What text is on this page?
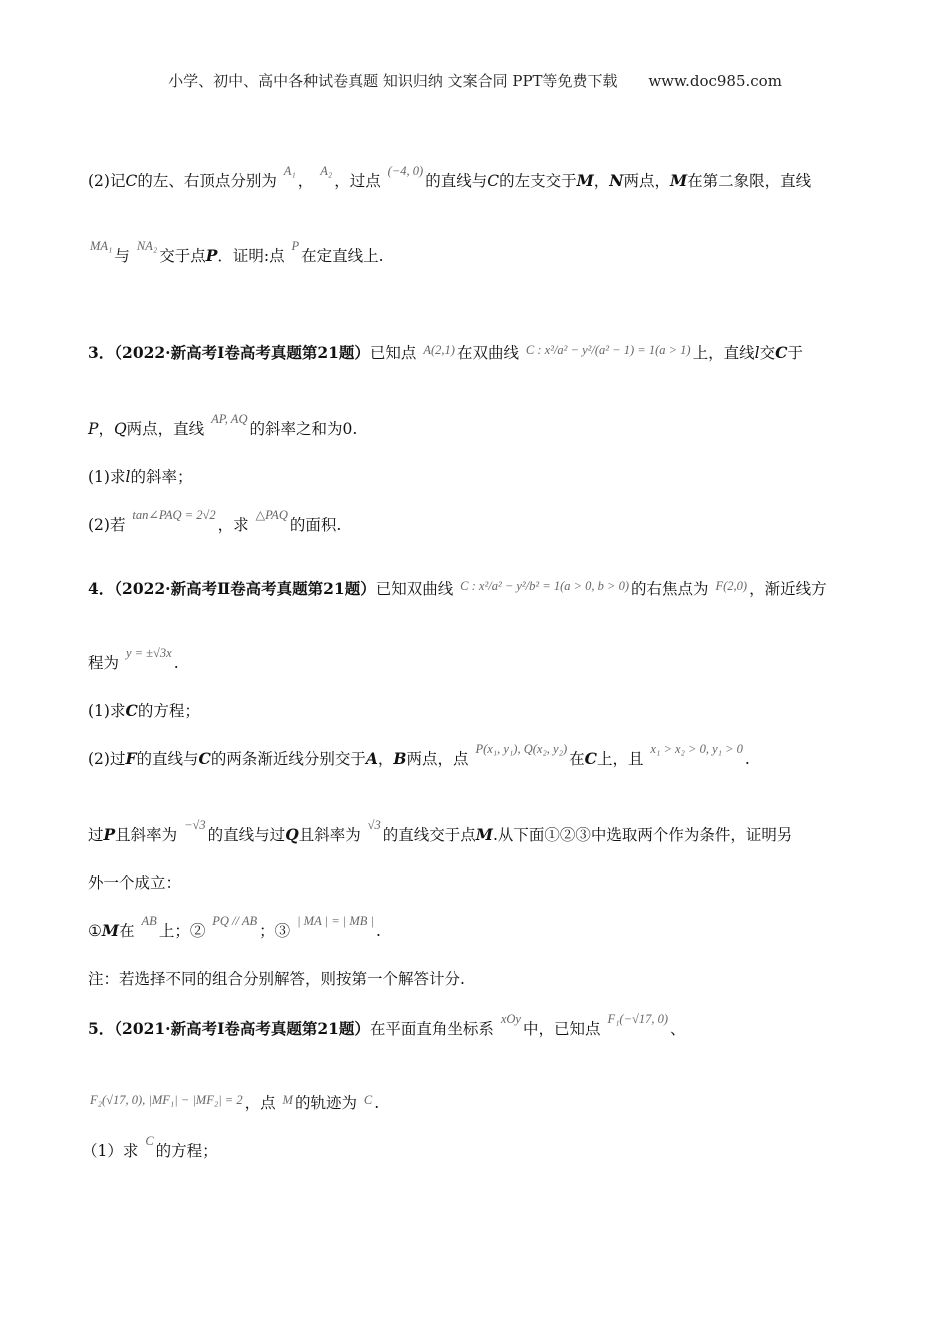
小学、初中、高中各种试卷真题 知识归纳 文案合同 PPT等免费下载 www.doc985.com
(2)记C的左、右顶点分别为 $^{A_1}$， $^{A_2}$，过点 $^{(-4, 0)}$的直线与C的左支交于M，N两点，M在第二象限，直线
$^{MA_1}$与 $^{NA_2}$交于点P．证明:点 $^P$在定直线上.
3．（2022·新高考Ⅰ卷高考真题第21题）已知点 $^{A(2,1)}$ 在双曲线 $^{C : x^2/a^2 - y^2/(a^2 - 1) = 1(a > 1)}$ 上，直线l交C于
P，Q两点，直线 $^{AP, AQ}$的斜率之和为0.
(1)求l的斜率；
(2)若 $^{tan\angle PAQ = 2√2}$，求 $^{\triangle PAQ}$的面积.
4．（2022·新高考Ⅱ卷高考真题第21题）已知双曲线 $^{C : x^2/a^2 - y^2/b^2 = 1(a > 0, b > 0)}$ 的右焦点为 $^{F(2,0)}$ ，渐近线方
程为 $^{y = \pm√3x}$.
(1)求C的方程；
(2)过F的直线与C的两条渐近线分别交于A，B两点，点 $^{P(x_1, y_1), Q(x_2, y_2)}$在C上，且 $^{x_1 > x_2 > 0, y_1 > 0}$.
过P且斜率为 $^{-√3}$的直线与过Q且斜率为 $^{√3}$的直线交于点M.从下面①②③中选取两个作为条件，证明另
外一个成立：
①M在 $^{AB}$上；② $^{PQ // AB}$；③ $^{| MA | = | MB |}$.
注：若选择不同的组合分别解答，则按第一个解答计分.
5．（2021·新高考Ⅰ卷高考真题第21题）在平面直角坐标系 $^{xOy}$中，已知点 $^{F_1(-√17, 0)}$、
$^{F_2(√17, 0), |MF_1| - |MF_2| = 2}$ ，点 $^M$ 的轨迹为 $^C$ .
（1）求 $^C$的方程；
